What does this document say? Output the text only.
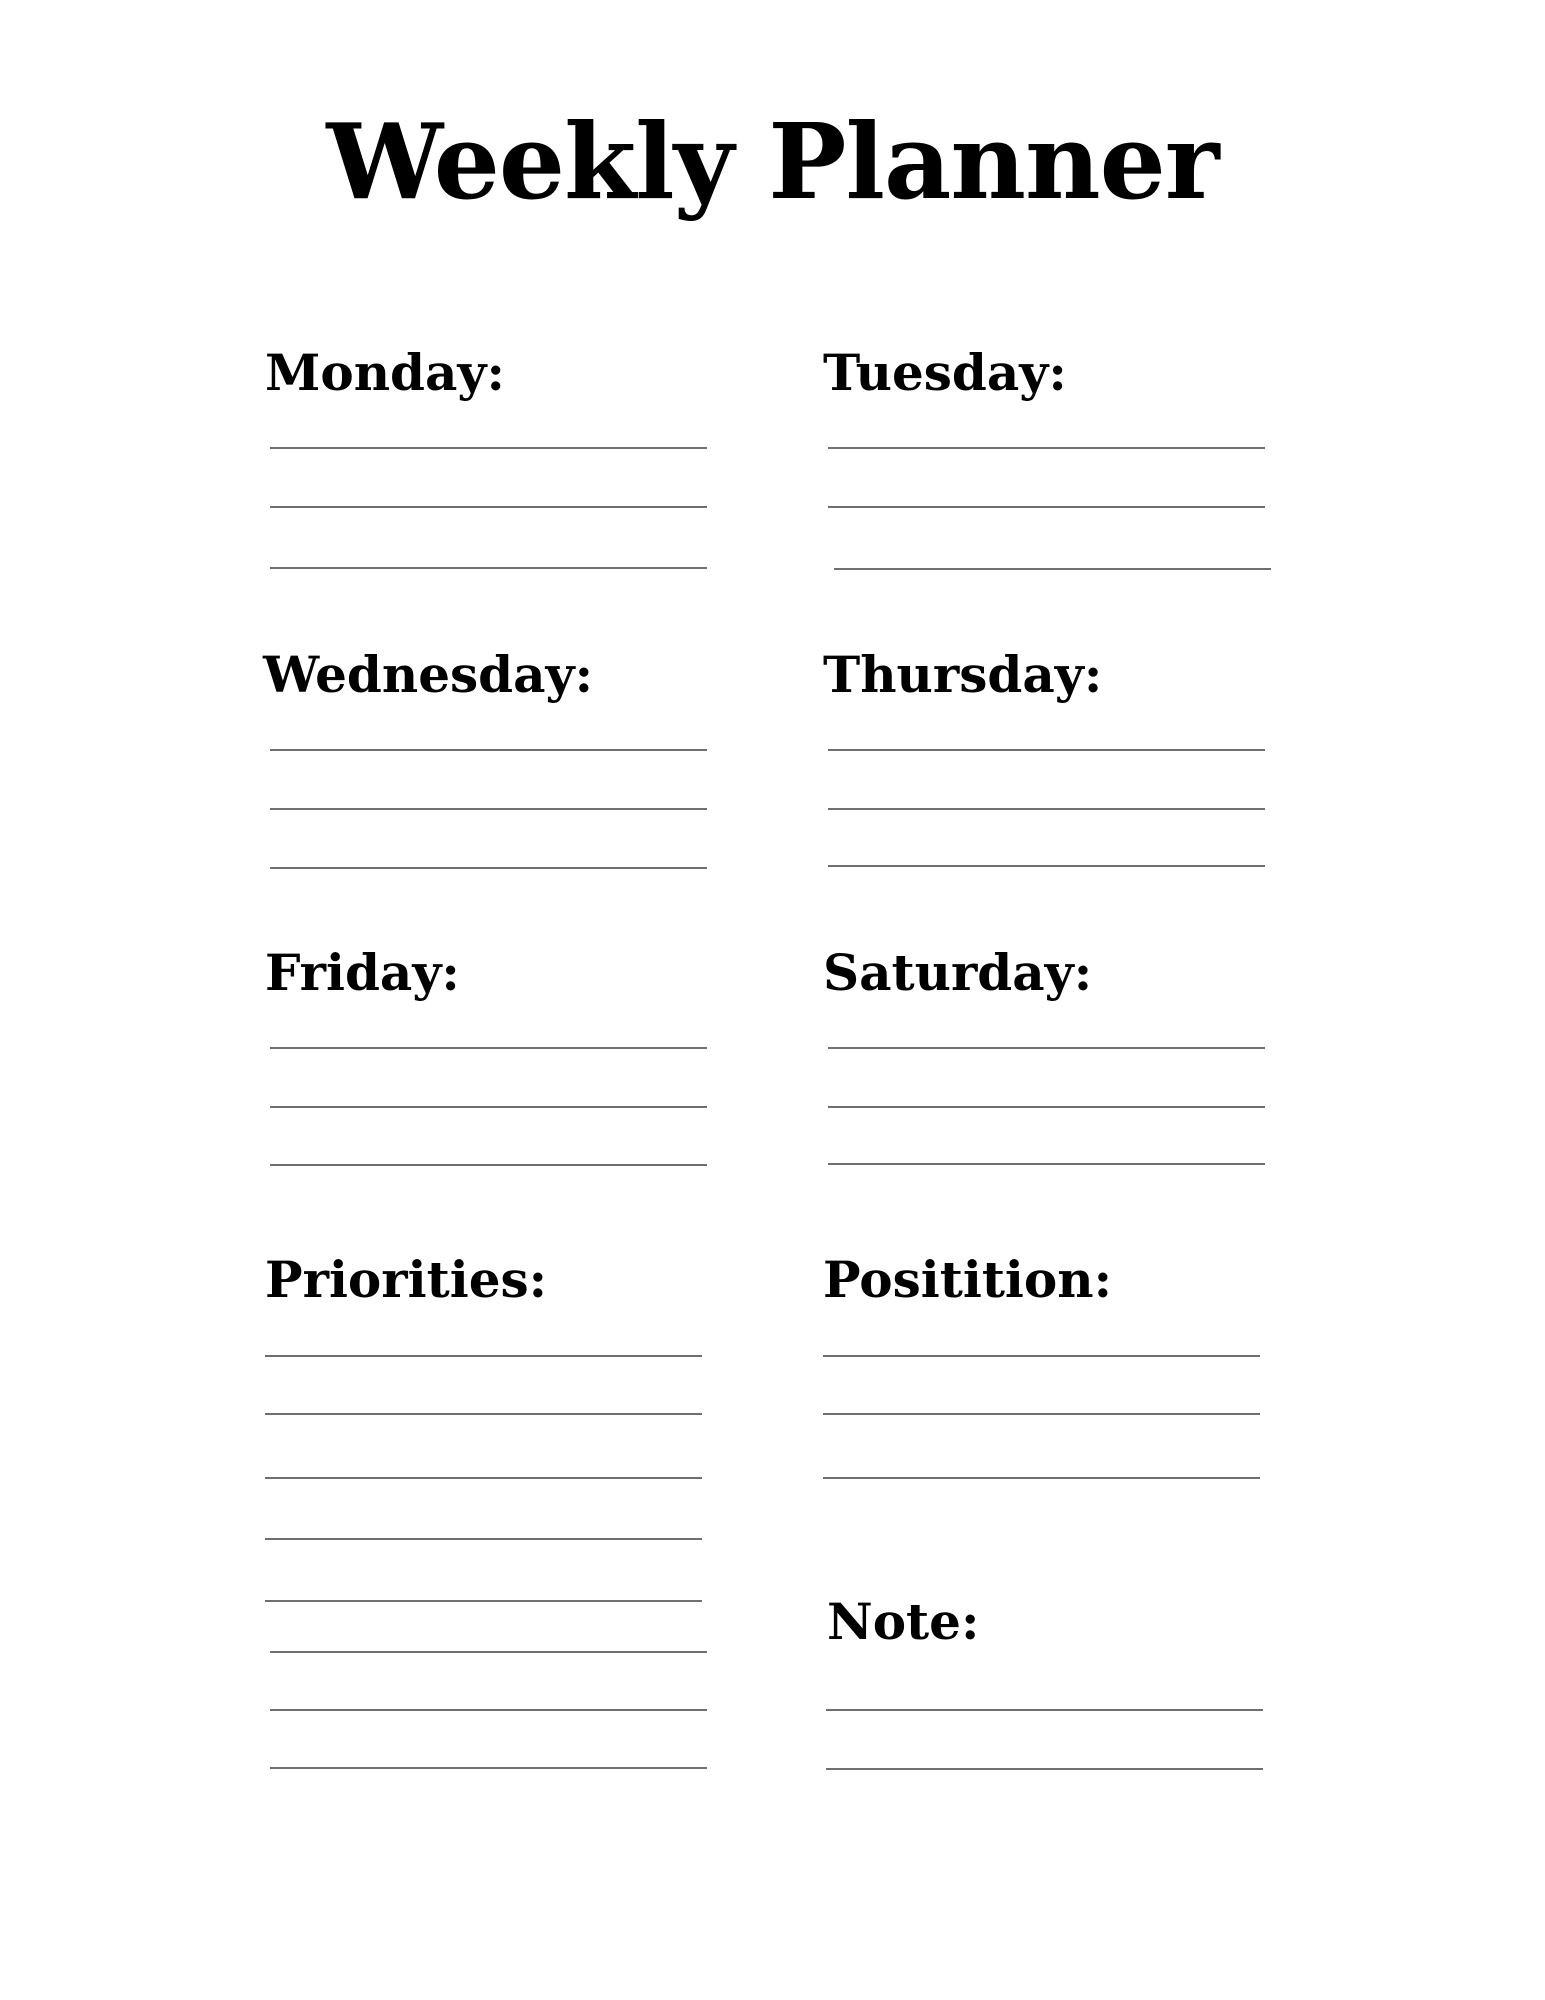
Weekly Planner
Monday:	Tuesday:
Wednesday:	Thursday:
Friday:	Saturday:
Priorities:	Positition:
Note:
